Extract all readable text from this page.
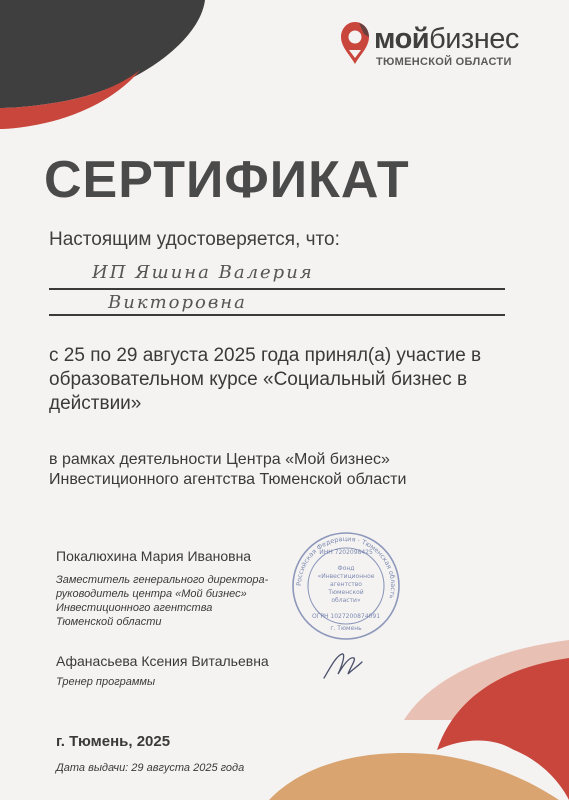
мойбизнес
ТЮМЕНСКОЙ ОБЛАСТИ
СЕРТИФИКАТ
Настоящим удостоверяется, что:
ИП Яшина Валерия
Викторовна
с 25 по 29 августа 2025 года принял(а) участие в образовательном курсе «Социальный бизнес в действии»
в рамках деятельности Центра «Мой бизнес»
Инвестиционного агентства Тюменской области
Покалюхина Мария Ивановна
Заместитель генерального директора-
руководитель центра «Мой бизнес»
Инвестиционного агентства
Тюменской области
Афанасьева Ксения Витальевна
Тренер программы
Российская Федерация · Тюменская область
ИНН 7202098425
Фонд
«Инвестиционное
агентство
Тюменской
области»
ОГРН 1027200874091
г. Тюмень
г. Тюмень, 2025
Дата выдачи: 29 августа 2025 года
